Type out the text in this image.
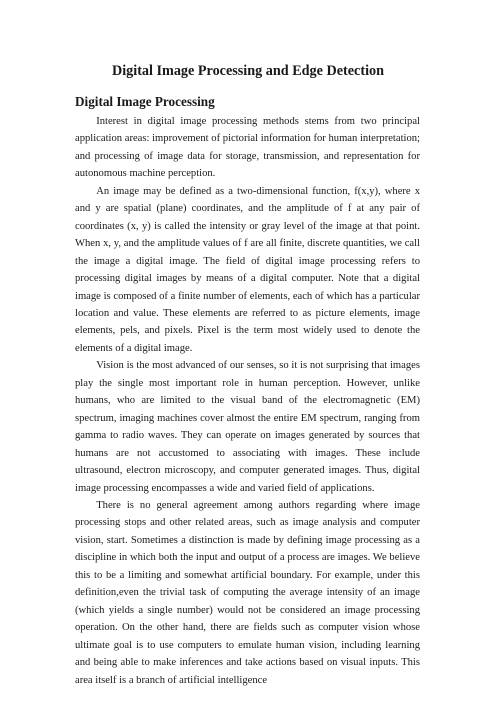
Digital Image Processing and Edge Detection
Digital Image Processing

Interest in digital image processing methods stems from two principal application areas: improvement of pictorial information for human interpretation; and processing of image data for storage, transmission, and representation for autonomous machine perception.

An image may be defined as a two-dimensional function, f(x,y), where x and y are spatial (plane) coordinates, and the amplitude of f at any pair of coordinates (x, y) is called the intensity or gray level of the image at that point. When x, y, and the amplitude values of f are all finite, discrete quantities, we call the image a digital image. The field of digital image processing refers to processing digital images by means of a digital computer. Note that a digital image is composed of a finite number of elements, each of which has a particular location and value. These elements are referred to as picture elements, image elements, pels, and pixels. Pixel is the term most widely used to denote the elements of a digital image.

Vision is the most advanced of our senses, so it is not surprising that images play the single most important role in human perception. However, unlike humans, who are limited to the visual band of the electromagnetic (EM) spectrum, imaging machines cover almost the entire EM spectrum, ranging from gamma to radio waves. They can operate on images generated by sources that humans are not accustomed to associating with images. These include ultrasound, electron microscopy, and computer generated images. Thus, digital image processing encompasses a wide and varied field of applications.

There is no general agreement among authors regarding where image processing stops and other related areas, such as image analysis and computer vision, start. Sometimes a distinction is made by defining image processing as a discipline in which both the input and output of a process are images. We believe this to be a limiting and somewhat artificial boundary. For example, under this definition,even the trivial task of computing the average intensity of an image (which yields a single number) would not be considered an image processing operation. On the other hand, there are fields such as computer vision whose ultimate goal is to use computers to emulate human vision, including learning and being able to make inferences and take actions based on visual inputs. This area itself is a branch of artificial intelligence
